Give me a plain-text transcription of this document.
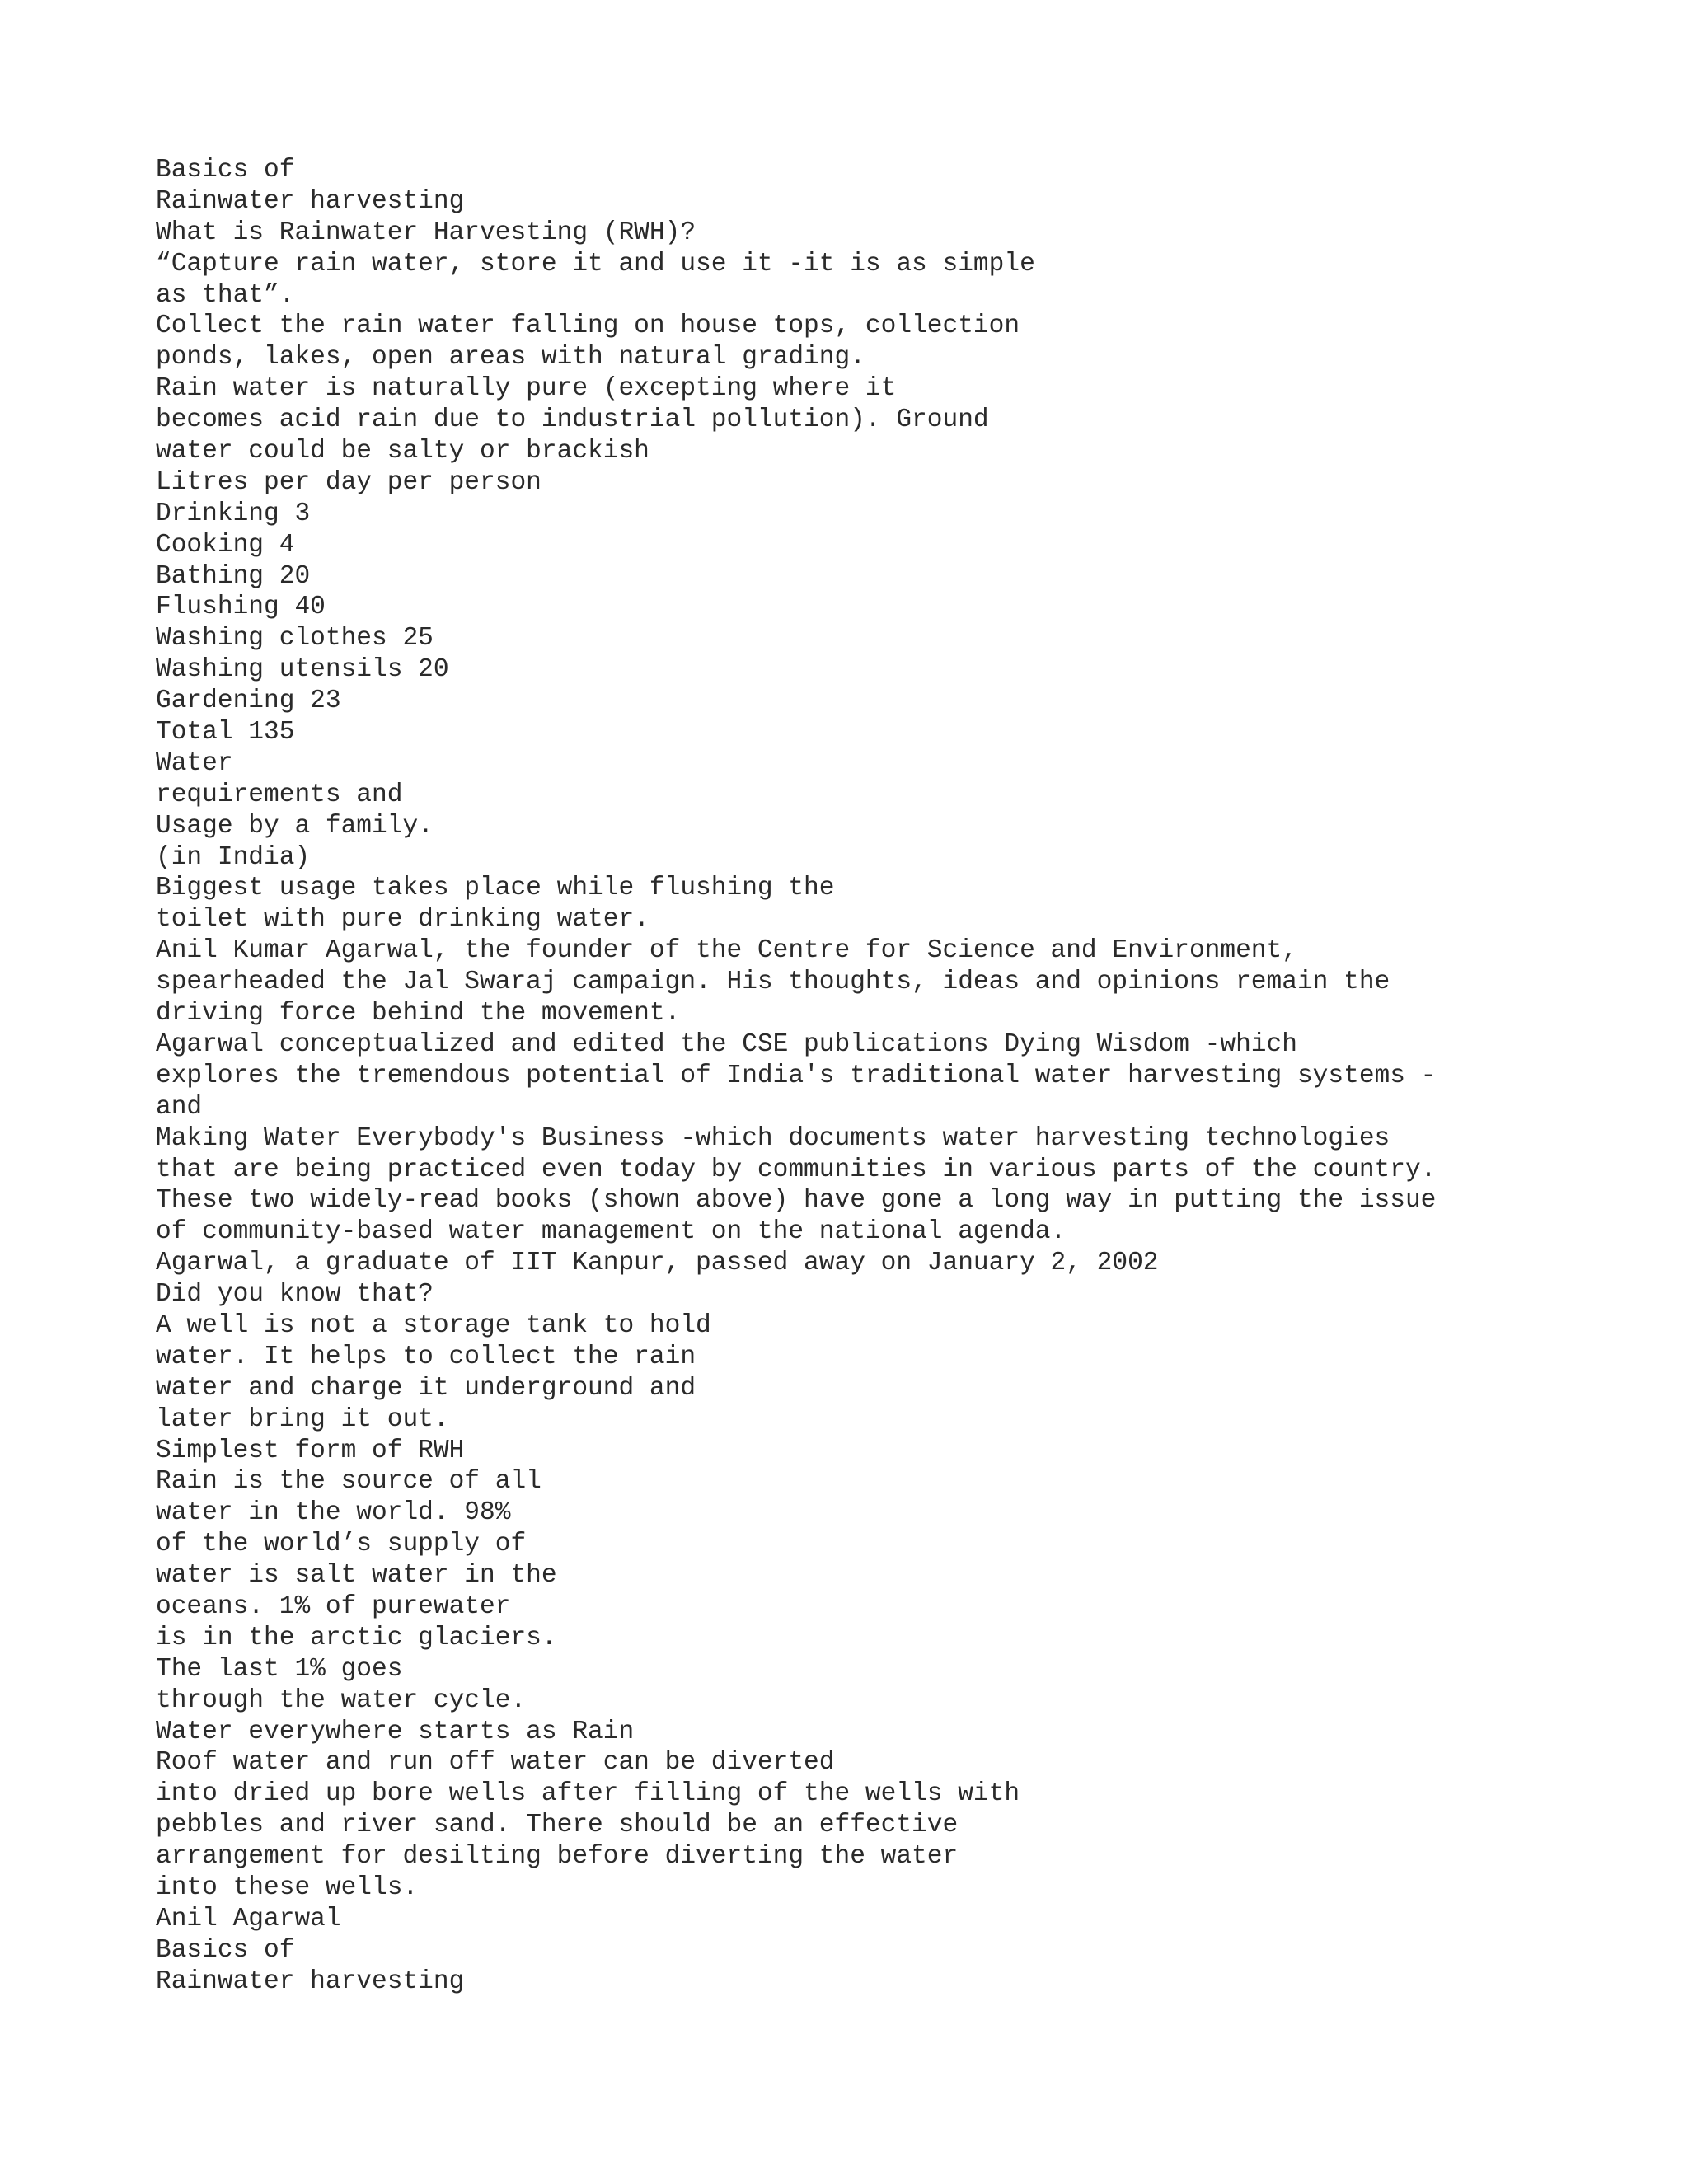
Basics of
Rainwater harvesting
What is Rainwater Harvesting (RWH)?
“Capture rain water, store it and use it -it is as simple
as that”.
Collect the rain water falling on house tops, collection
ponds, lakes, open areas with natural grading.
Rain water is naturally pure (excepting where it
becomes acid rain due to industrial pollution). Ground
water could be salty or brackish
Litres per day per person
Drinking 3
Cooking 4
Bathing 20
Flushing 40
Washing clothes 25
Washing utensils 20
Gardening 23
Total 135
Water
requirements and
Usage by a family.
(in India)
Biggest usage takes place while flushing the
toilet with pure drinking water.
Anil Kumar Agarwal, the founder of the Centre for Science and Environment,
spearheaded the Jal Swaraj campaign. His thoughts, ideas and opinions remain the
driving force behind the movement.
Agarwal conceptualized and edited the CSE publications Dying Wisdom -which
explores the tremendous potential of India's traditional water harvesting systems -
and
Making Water Everybody's Business -which documents water harvesting technologies
that are being practiced even today by communities in various parts of the country.
These two widely-read books (shown above) have gone a long way in putting the issue
of community-based water management on the national agenda.
Agarwal, a graduate of IIT Kanpur, passed away on January 2, 2002
Did you know that?
A well is not a storage tank to hold
water. It helps to collect the rain
water and charge it underground and
later bring it out.
Simplest form of RWH
Rain is the source of all
water in the world. 98%
of the world’s supply of
water is salt water in the
oceans. 1% of purewater
is in the arctic glaciers.
The last 1% goes
through the water cycle.
Water everywhere starts as Rain
Roof water and run off water can be diverted
into dried up bore wells after filling of the wells with
pebbles and river sand. There should be an effective
arrangement for desilting before diverting the water
into these wells.
Anil Agarwal
Basics of
Rainwater harvesting
